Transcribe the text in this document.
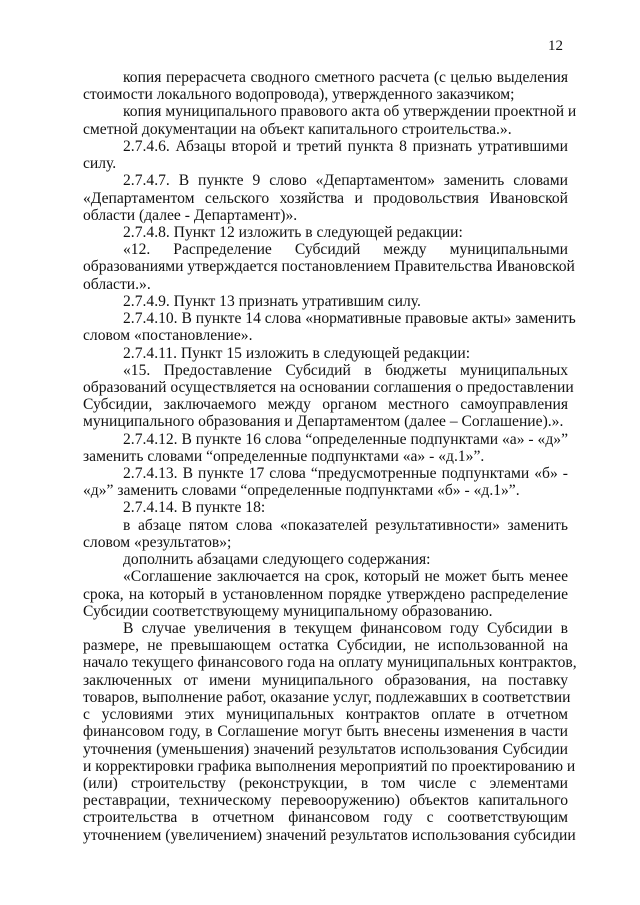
12
копия перерасчета сводного сметного расчета (с целью выделения
стоимости локального водопровода), утвержденного заказчиком;
копия муниципального правового акта об утверждении проектной и
сметной документации на объект капитального строительства.».
2.7.4.6. Абзацы второй и третий пункта 8 признать утратившими
силу.
2.7.4.7. В пункте 9 слово «Департаментом» заменить словами
«Департаментом сельского хозяйства и продовольствия Ивановской
области (далее - Департамент)».
2.7.4.8. Пункт 12 изложить в следующей редакции:
«12. Распределение Субсидий между муниципальными
образованиями утверждается постановлением Правительства Ивановской
области.».
2.7.4.9. Пункт 13 признать утратившим силу.
2.7.4.10. В пункте 14 слова «нормативные правовые акты» заменить
словом «постановление».
2.7.4.11. Пункт 15 изложить в следующей редакции:
«15. Предоставление Субсидий в бюджеты муниципальных
образований осуществляется на основании соглашения о предоставлении
Субсидии, заключаемого между органом местного самоуправления
муниципального образования и Департаментом (далее – Соглашение).».
2.7.4.12. В пункте 16 слова “определенные подпунктами «а» - «д»”
заменить словами “определенные подпунктами «а» - «д.1»”.
2.7.4.13. В пункте 17 слова “предусмотренные подпунктами «б» -
«д»” заменить словами “определенные подпунктами «б» - «д.1»”.
2.7.4.14. В пункте 18:
в абзаце пятом слова «показателей результативности» заменить
словом «результатов»;
дополнить абзацами следующего содержания:
«Соглашение заключается на срок, который не может быть менее
срока, на который в установленном порядке утверждено распределение
Субсидии соответствующему муниципальному образованию.
В случае увеличения в текущем финансовом году Субсидии в
размере, не превышающем остатка Субсидии, не использованной на
начало текущего финансового года на оплату муниципальных контрактов,
заключенных от имени муниципального образования, на поставку
товаров, выполнение работ, оказание услуг, подлежавших в соответствии
с условиями этих муниципальных контрактов оплате в отчетном
финансовом году, в Соглашение могут быть внесены изменения в части
уточнения (уменьшения) значений результатов использования Субсидии
и корректировки графика выполнения мероприятий по проектированию и
(или) строительству (реконструкции, в том числе с элементами
реставрации, техническому перевооружению) объектов капитального
строительства в отчетном финансовом году с соответствующим
уточнением (увеличением) значений результатов использования субсидии
